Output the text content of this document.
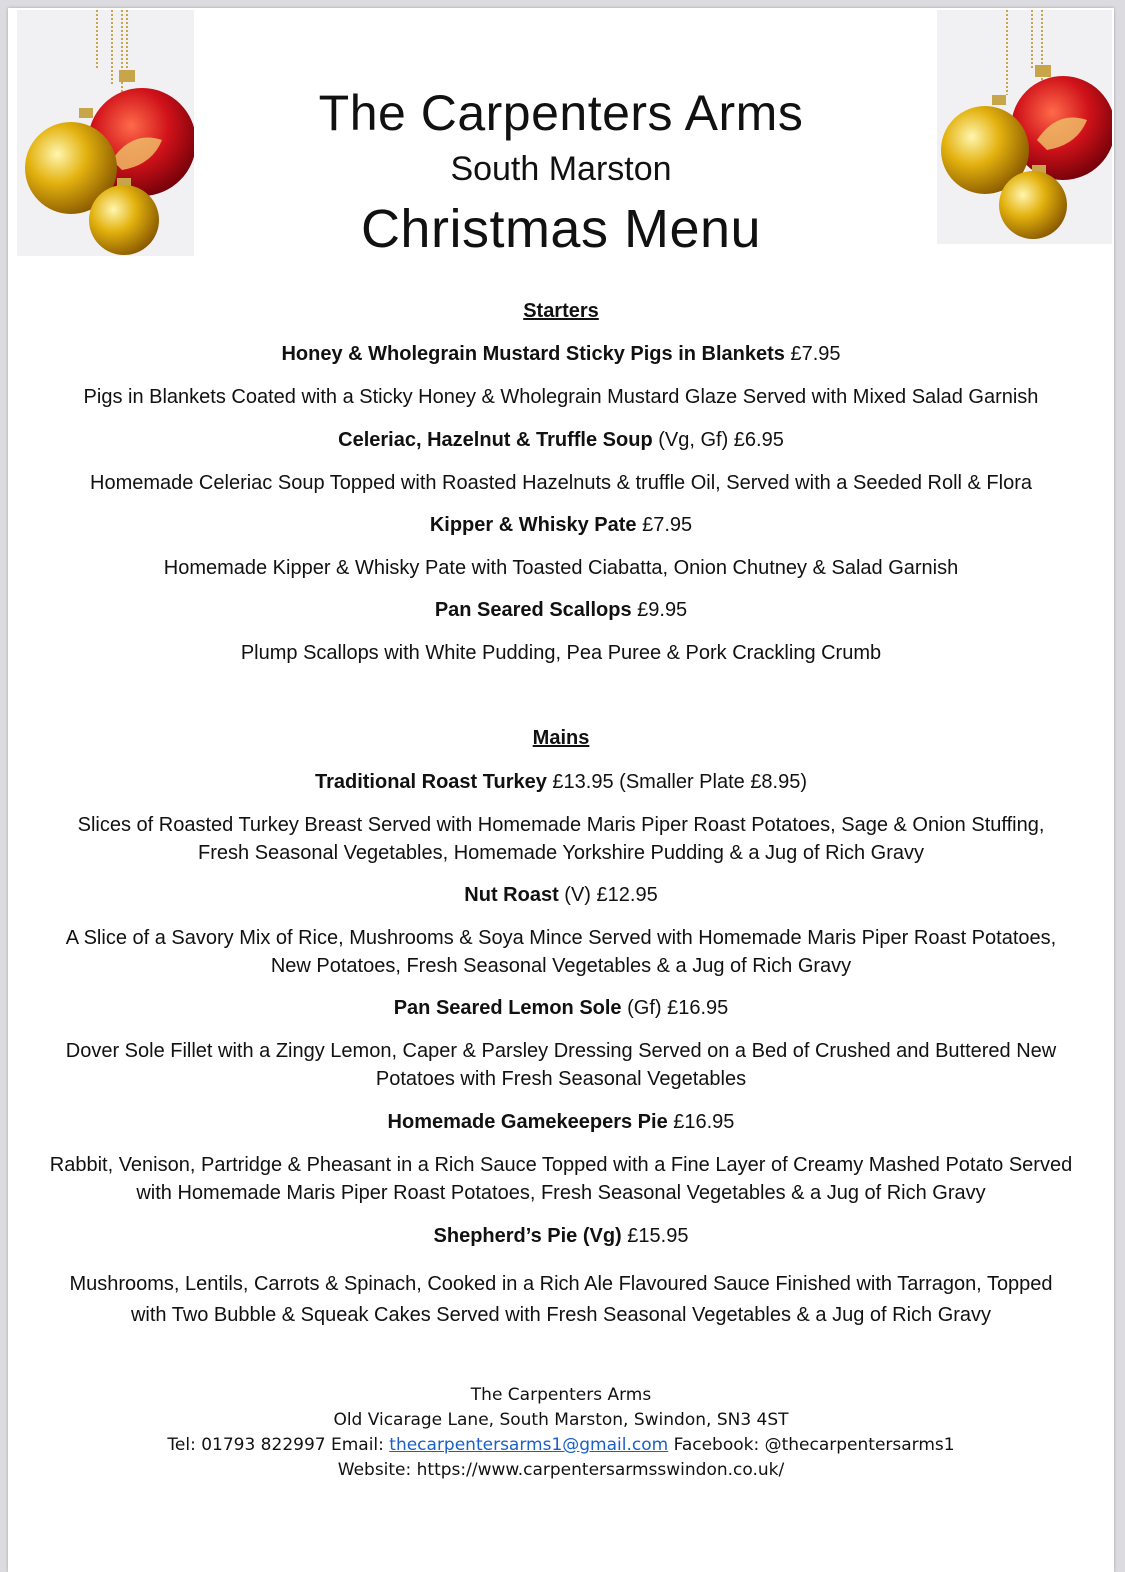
The Carpenters Arms
South Marston
Christmas Menu
Starters
Honey & Wholegrain Mustard Sticky Pigs in Blankets £7.95
Pigs in Blankets Coated with a Sticky Honey & Wholegrain Mustard Glaze Served with Mixed Salad Garnish
Celeriac, Hazelnut & Truffle Soup (Vg, Gf) £6.95
Homemade Celeriac Soup Topped with Roasted Hazelnuts & truffle Oil, Served with a Seeded Roll & Flora
Kipper & Whisky Pate £7.95
Homemade Kipper & Whisky Pate with Toasted Ciabatta, Onion Chutney & Salad Garnish
Pan Seared Scallops £9.95
Plump Scallops with White Pudding, Pea Puree & Pork Crackling Crumb
Mains
Traditional Roast Turkey £13.95 (Smaller Plate £8.95)
Slices of Roasted Turkey Breast Served with Homemade Maris Piper Roast Potatoes, Sage & Onion Stuffing,
Fresh Seasonal Vegetables, Homemade Yorkshire Pudding & a Jug of Rich Gravy
Nut Roast (V) £12.95
A Slice of a Savory Mix of Rice, Mushrooms & Soya Mince Served with Homemade Maris Piper Roast Potatoes,
New Potatoes, Fresh Seasonal Vegetables & a Jug of Rich Gravy
Pan Seared Lemon Sole (Gf) £16.95
Dover Sole Fillet with a Zingy Lemon, Caper & Parsley Dressing Served on a Bed of Crushed and Buttered New
Potatoes with Fresh Seasonal Vegetables
Homemade Gamekeepers Pie £16.95
Rabbit, Venison, Partridge & Pheasant in a Rich Sauce Topped with a Fine Layer of Creamy Mashed Potato Served
with Homemade Maris Piper Roast Potatoes, Fresh Seasonal Vegetables & a Jug of Rich Gravy
Shepherd’s Pie (Vg) £15.95
Mushrooms, Lentils, Carrots & Spinach, Cooked in a Rich Ale Flavoured Sauce Finished with Tarragon, Topped
with Two Bubble & Squeak Cakes Served with Fresh Seasonal Vegetables & a Jug of Rich Gravy
The Carpenters Arms
Old Vicarage Lane, South Marston, Swindon, SN3 4ST
Tel: 01793 822997 Email: thecarpentersarms1@gmail.com Facebook: @thecarpentersarms1
Website: https://www.carpentersarmsswindon.co.uk/
